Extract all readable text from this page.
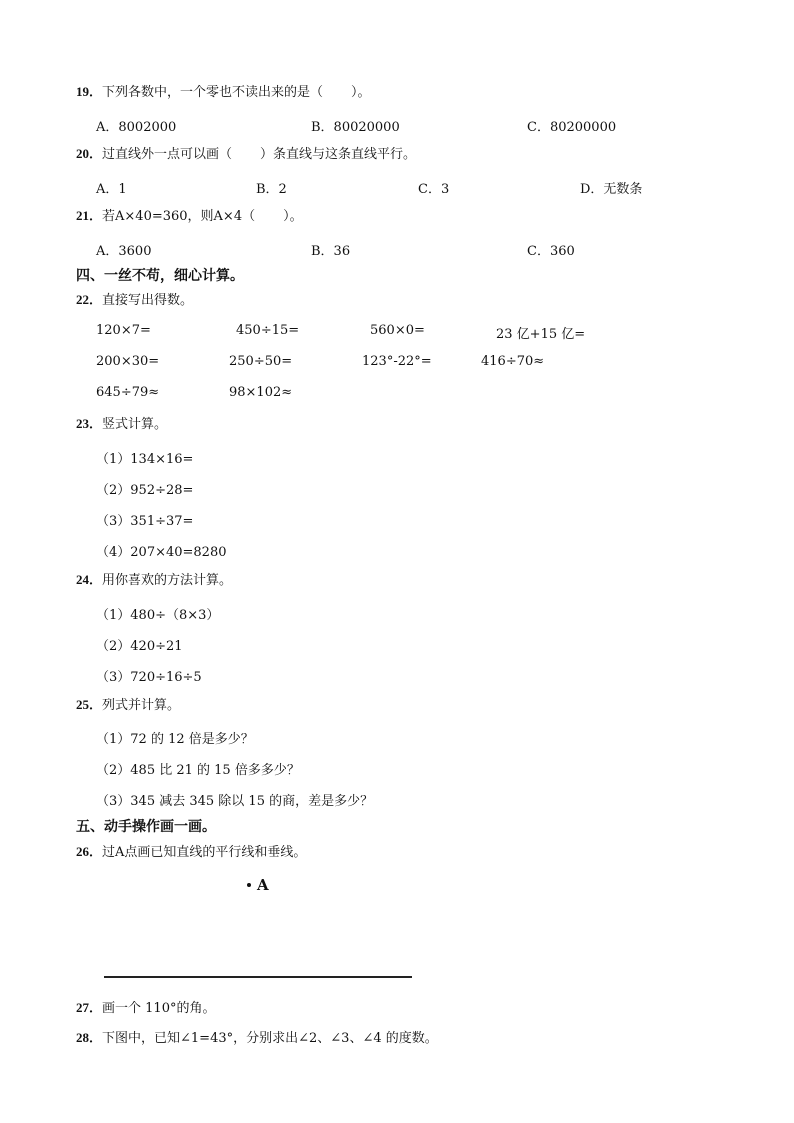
19．下列各数中，一个零也不读出来的是（ ）。
A．8002000	B．80020000	C．80200000
20．过直线外一点可以画（ ）条直线与这条直线平行。
A．1	B．2	C．3	D．无数条
21．若A×40=360，则A×4（ ）。
A．3600	B．36	C．360
四、一丝不苟，细心计算。
22．直接写出得数。
120×7=	450÷15=	560×0=	23 亿+15 亿=
200×30=	250÷50=	123°-22°=	416÷70≈
645÷79≈	98×102≈
23．竖式计算。
（1）134×16=
（2）952÷28=
（3）351÷37=
（4）207×40=8280
24．用你喜欢的方法计算。
（1）480÷（8×3）
（2）420÷21
（3）720÷16÷5
25．列式并计算。
（1）72 的 12 倍是多少？
（2）485 比 21 的 15 倍多多少？
（3）345 减去 345 除以 15 的商，差是多少？
五、动手操作画一画。
26．过A点画已知直线的平行线和垂线。
A
27．画一个 110°的角。
28．下图中，已知∠1=43°，分别求出∠2、∠3、∠4 的度数。
